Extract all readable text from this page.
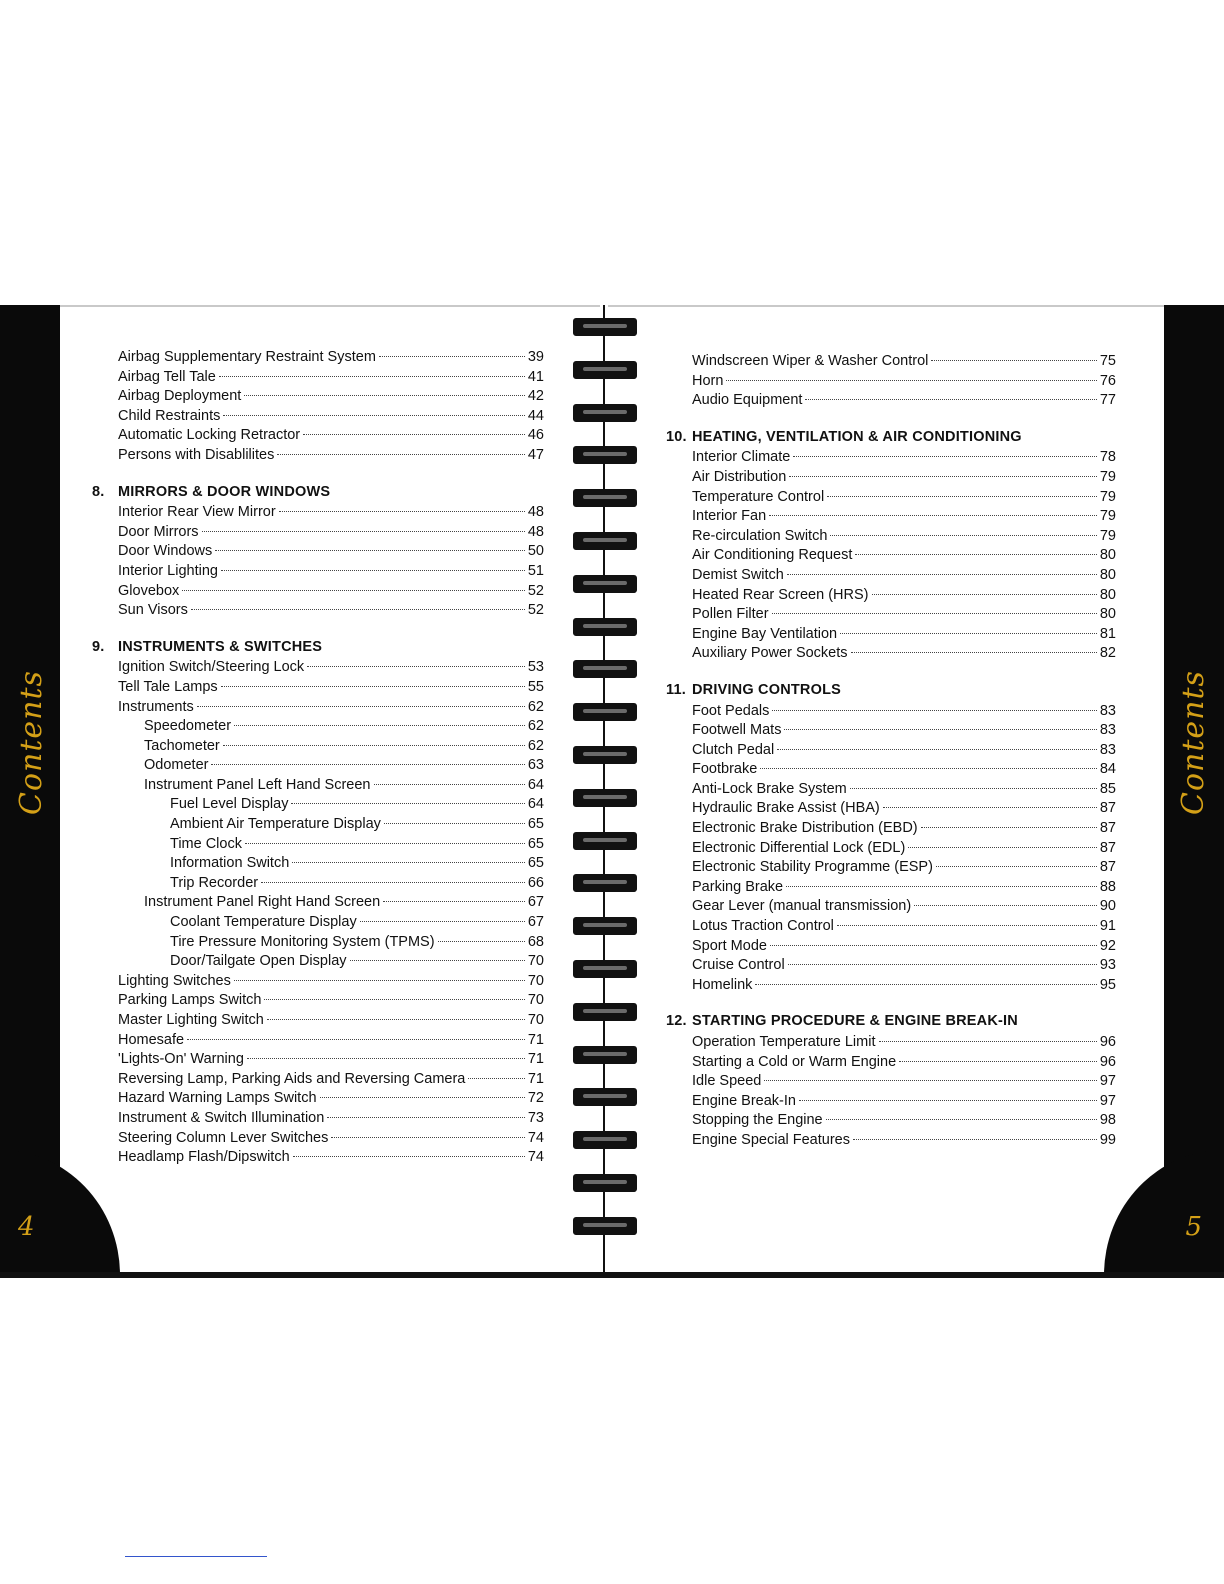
Contents	Contents
4	5
Airbag Supplementary Restraint System	39
Airbag Tell Tale	41
Airbag Deployment	42
Child Restraints	44
Automatic Locking Retractor	46
Persons with Disablilites	47
8. MIRRORS & DOOR WINDOWS
Interior Rear View Mirror	48
Door Mirrors	48
Door Windows	50
Interior Lighting	51
Glovebox	52
Sun Visors	52
9. INSTRUMENTS & SWITCHES
Ignition Switch/Steering Lock	53
Tell Tale Lamps	55
Instruments	62
Speedometer	62
Tachometer	62
Odometer	63
Instrument Panel Left Hand Screen	64
Fuel Level Display	64
Ambient Air Temperature Display	65
Time Clock	65
Information Switch	65
Trip Recorder	66
Instrument Panel Right Hand Screen	67
Coolant Temperature Display	67
Tire Pressure Monitoring System (TPMS)	68
Door/Tailgate Open Display	70
Lighting Switches	70
Parking Lamps Switch	70
Master Lighting Switch	70
Homesafe	71
'Lights-On' Warning	71
Reversing Lamp, Parking Aids and Reversing Camera	71
Hazard Warning Lamps Switch	72
Instrument & Switch Illumination	73
Steering Column Lever Switches	74
Headlamp Flash/Dipswitch	74
Windscreen Wiper & Washer Control	75
Horn	76
Audio Equipment	77
10. HEATING, VENTILATION & AIR CONDITIONING
Interior Climate	78
Air Distribution	79
Temperature Control	79
Interior Fan	79
Re-circulation Switch	79
Air Conditioning Request	80
Demist Switch	80
Heated Rear Screen (HRS)	80
Pollen Filter	80
Engine Bay Ventilation	81
Auxiliary Power Sockets	82
11. DRIVING CONTROLS
Foot Pedals	83
Footwell Mats	83
Clutch Pedal	83
Footbrake	84
Anti-Lock Brake System	85
Hydraulic Brake Assist (HBA)	87
Electronic Brake Distribution (EBD)	87
Electronic Differential Lock (EDL)	87
Electronic Stability Programme (ESP)	87
Parking Brake	88
Gear Lever (manual transmission)	90
Lotus Traction Control	91
Sport Mode	92
Cruise Control	93
Homelink	95
12. STARTING PROCEDURE & ENGINE BREAK-IN
Operation Temperature Limit	96
Starting a Cold or Warm Engine	96
Idle Speed	97
Engine Break-In	97
Stopping the Engine	98
Engine Special Features	99
